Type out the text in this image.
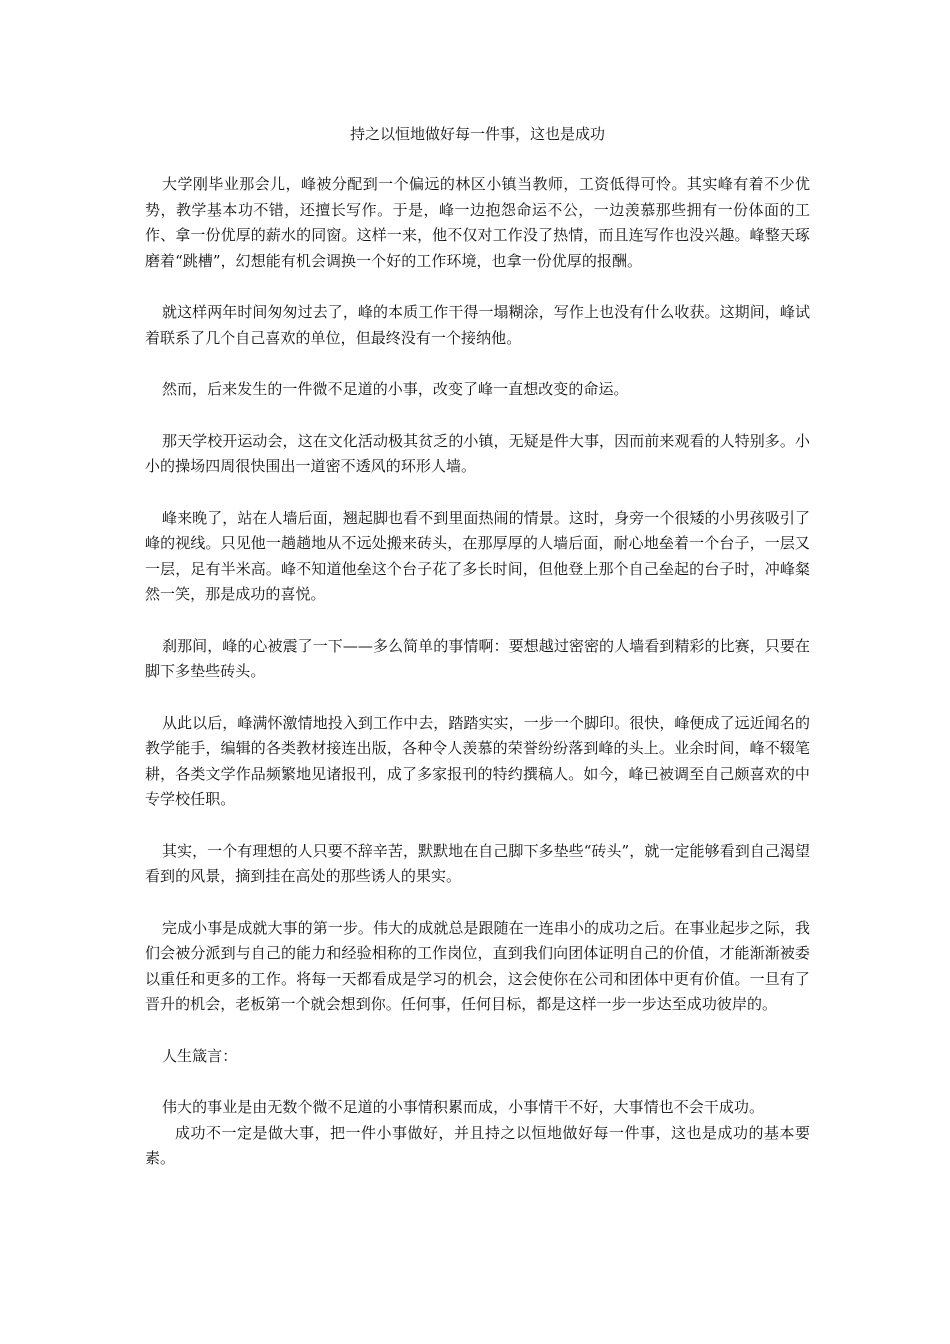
持之以恒地做好每一件事，这也是成功

大学刚毕业那会儿，峰被分配到一个偏远的林区小镇当教师，工资低得可怜。其实峰有着不少优势，教学基本功不错，还擅长写作。于是，峰一边抱怨命运不公，一边羡慕那些拥有一份体面的工作、拿一份优厚的薪水的同窗。这样一来，他不仅对工作没了热情，而且连写作也没兴趣。峰整天琢磨着“跳槽”，幻想能有机会调换一个好的工作环境，也拿一份优厚的报酬。

就这样两年时间匆匆过去了，峰的本质工作干得一塌糊涂，写作上也没有什么收获。这期间，峰试着联系了几个自己喜欢的单位，但最终没有一个接纳他。

然而，后来发生的一件微不足道的小事，改变了峰一直想改变的命运。

那天学校开运动会，这在文化活动极其贫乏的小镇，无疑是件大事，因而前来观看的人特别多。小小的操场四周很快围出一道密不透风的环形人墙。

峰来晚了，站在人墙后面，翘起脚也看不到里面热闹的情景。这时，身旁一个很矮的小男孩吸引了峰的视线。只见他一趟趟地从不远处搬来砖头，在那厚厚的人墙后面，耐心地垒着一个台子，一层又一层，足有半米高。峰不知道他垒这个台子花了多长时间，但他登上那个自己垒起的台子时，冲峰粲然一笑，那是成功的喜悦。

刹那间，峰的心被震了一下——多么简单的事情啊：要想越过密密的人墙看到精彩的比赛，只要在脚下多垫些砖头。

从此以后，峰满怀激情地投入到工作中去，踏踏实实，一步一个脚印。很快，峰便成了远近闻名的教学能手，编辑的各类教材接连出版，各种令人羡慕的荣誉纷纷落到峰的头上。业余时间，峰不辍笔耕，各类文学作品频繁地见诸报刊，成了多家报刊的特约撰稿人。如今，峰已被调至自己颇喜欢的中专学校任职。

其实，一个有理想的人只要不辞辛苦，默默地在自己脚下多垫些“砖头”，就一定能够看到自己渴望看到的风景，摘到挂在高处的那些诱人的果实。

完成小事是成就大事的第一步。伟大的成就总是跟随在一连串小的成功之后。在事业起步之际，我们会被分派到与自己的能力和经验相称的工作岗位，直到我们向团体证明自己的价值，才能渐渐被委以重任和更多的工作。将每一天都看成是学习的机会，这会使你在公司和团体中更有价值。一旦有了晋升的机会，老板第一个就会想到你。任何事，任何目标，都是这样一步一步达至成功彼岸的。

人生箴言：

伟大的事业是由无数个微不足道的小事情积累而成，小事情干不好，大事情也不会干成功。

成功不一定是做大事，把一件小事做好，并且持之以恒地做好每一件事，这也是成功的基本要素。
